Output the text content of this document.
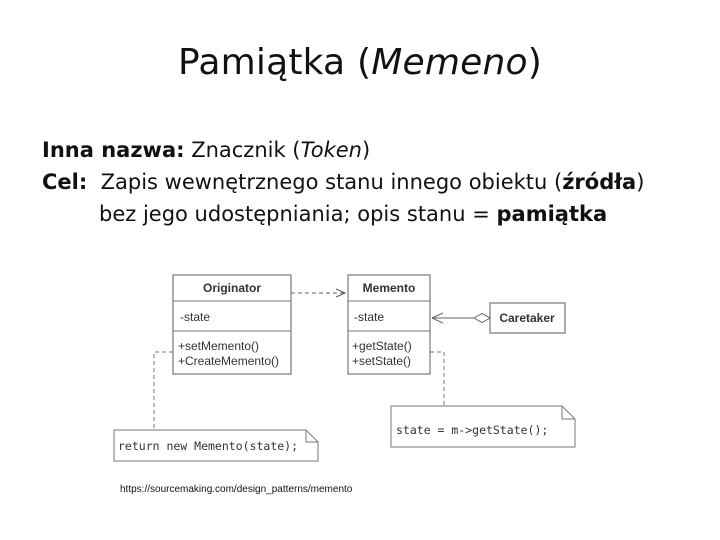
Pamiątka (Memeno)
Inna nazwa: Znacznik (Token)
Cel:  Zapis wewnętrznego stanu innego obiektu (źródła)
bez jego udostępniania; opis stanu = pamiątka
Originator
-state
+setMemento()
+CreateMemento()
Memento
-state
+getState()
+setState()
Caretaker
return new Memento(state);
state = m->getState();
https://sourcemaking.com/design_patterns/memento
